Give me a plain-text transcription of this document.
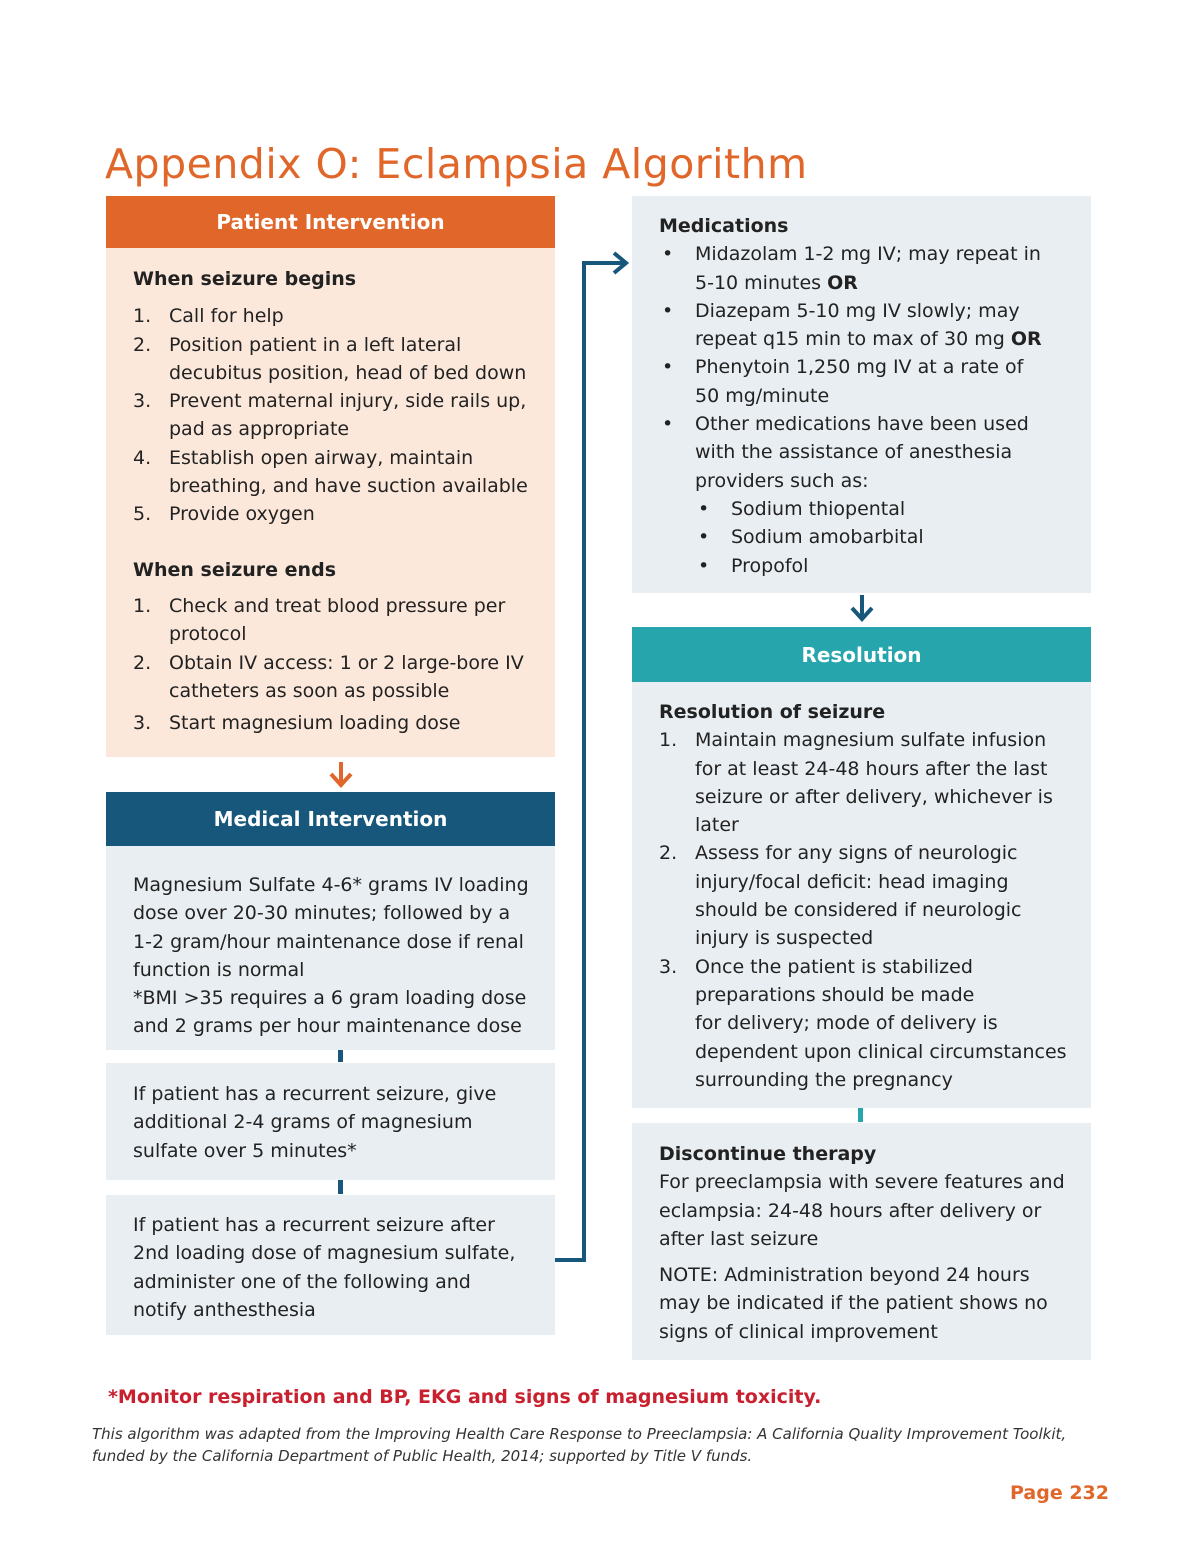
Appendix O: Eclampsia Algorithm
Patient Intervention
When seizure begins
1. Call for help
2. Position patient in a left lateral
decubitus position, head of bed down
3. Prevent maternal injury, side rails up,
pad as appropriate
4. Establish open airway, maintain
breathing, and have suction available
5. Provide oxygen
When seizure ends
1. Check and treat blood pressure per
protocol
2. Obtain IV access: 1 or 2 large-bore IV
catheters as soon as possible
3. Start magnesium loading dose
Medical Intervention
Magnesium Sulfate 4-6* grams IV loading
dose over 20-30 minutes; followed by a
1-2 gram/hour maintenance dose if renal
function is normal
*BMI >35 requires a 6 gram loading dose
and 2 grams per hour maintenance dose
If patient has a recurrent seizure, give
additional 2-4 grams of magnesium
sulfate over 5 minutes*
If patient has a recurrent seizure after
2nd loading dose of magnesium sulfate,
administer one of the following and
notify anthesthesia
Medications
•	Midazolam 1-2 mg IV; may repeat in
5-10 minutes OR
•	Diazepam 5-10 mg IV slowly; may
repeat q15 min to max of 30 mg OR
•	Phenytoin 1,250 mg IV at a rate of
50 mg/minute
•	Other medications have been used
with the assistance of anesthesia
providers such as:
•	Sodium thiopental
•	Sodium amobarbital
•	Propofol
Resolution
Resolution of seizure
1. Maintain magnesium sulfate infusion
for at least 24-48 hours after the last
seizure or after delivery, whichever is
later
2. Assess for any signs of neurologic
injury/focal deficit: head imaging
should be considered if neurologic
injury is suspected
3. Once the patient is stabilized
preparations should be made
for delivery; mode of delivery is
dependent upon clinical circumstances
surrounding the pregnancy
Discontinue therapy
For preeclampsia with severe features and
eclampsia: 24-48 hours after delivery or
after last seizure
NOTE: Administration beyond 24 hours
may be indicated if the patient shows no
signs of clinical improvement
*Monitor respiration and BP, EKG and signs of magnesium toxicity.
This algorithm was adapted from the Improving Health Care Response to Preeclampsia: A California Quality Improvement Toolkit,
funded by the California Department of Public Health, 2014; supported by Title V funds.
Page 232
